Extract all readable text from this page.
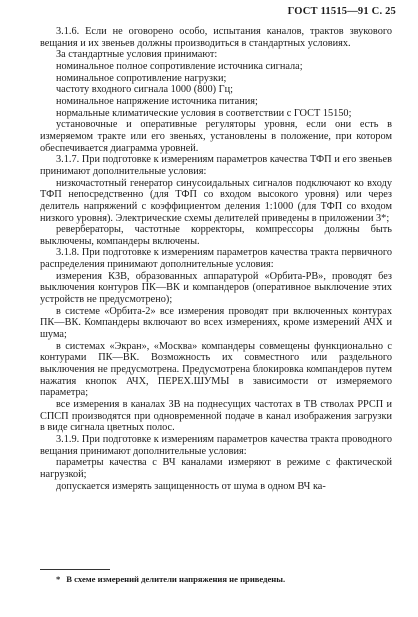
ГОСТ 11515—91 С. 25

3.1.6. Если не оговорено особо, испытания каналов, трактов звукового вещания и их звеньев должны производиться в стандартных условиях.

За стандартные условия принимают:

номинальное полное сопротивление источника сигнала;

номинальное сопротивление нагрузки;

частоту входного сигнала 1000 (800) Гц;

номинальное напряжение источника питания;

нормальные климатические условия в соответствии с ГОСТ 15150;

установочные и оперативные регуляторы уровня, если они есть в измеряемом тракте или его звеньях, установлены в положение, при котором обеспечивается диаграмма уровней.

3.1.7. При подготовке к измерениям параметров качества ТФП и его звеньев принимают дополнительные условия:

низкочастотный генератор синусоидальных сигналов подключают ко входу ТФП непосредственно (для ТФП со входом высокого уровня) или через делитель напряжений с коэффициентом деления 1:1000 (для ТФП со входом низкого уровня). Электрические схемы делителей приведены в приложении 3*;

ревербераторы, частотные корректоры, компрессоры должны быть выключены, компандеры включены.

3.1.8. При подготовке к измерениям параметров качества тракта первичного распределения принимают дополнительные условия:

измерения КЗВ, образованных аппаратурой «Орбита-РВ», проводят без выключения контуров ПК—ВК и компандеров (оперативное выключение этих устройств не предусмотрено);

в системе «Орбита-2» все измерения проводят при включенных контурах ПК—ВК. Компандеры включают во всех измерениях, кроме измерений АЧХ и шума;

в системах «Экран», «Москва» компандеры совмещены функционально с контурами ПК—ВК. Возможность их совместного или раздельного выключения не предусмотрена. Предусмотрена блокировка компандеров путем нажатия кнопок АЧХ, ПЕРЕХ.ШУМЫ в зависимости от измеряемого параметра;

все измерения в каналах ЗВ на поднесущих частотах в ТВ стволах РРСП и СПСП производятся при одновременной подаче в канал изображения загрузки в виде сигнала цветных полос.

3.1.9. При подготовке к измерениям параметров качества тракта проводного вещания принимают дополнительные условия:

параметры качества с ВЧ каналами измеряют в режиме с фактической нагрузкой;

допускается измерять защищенность от шума в одном ВЧ ка-

* В схеме измерений делители напряжения не приведены.
